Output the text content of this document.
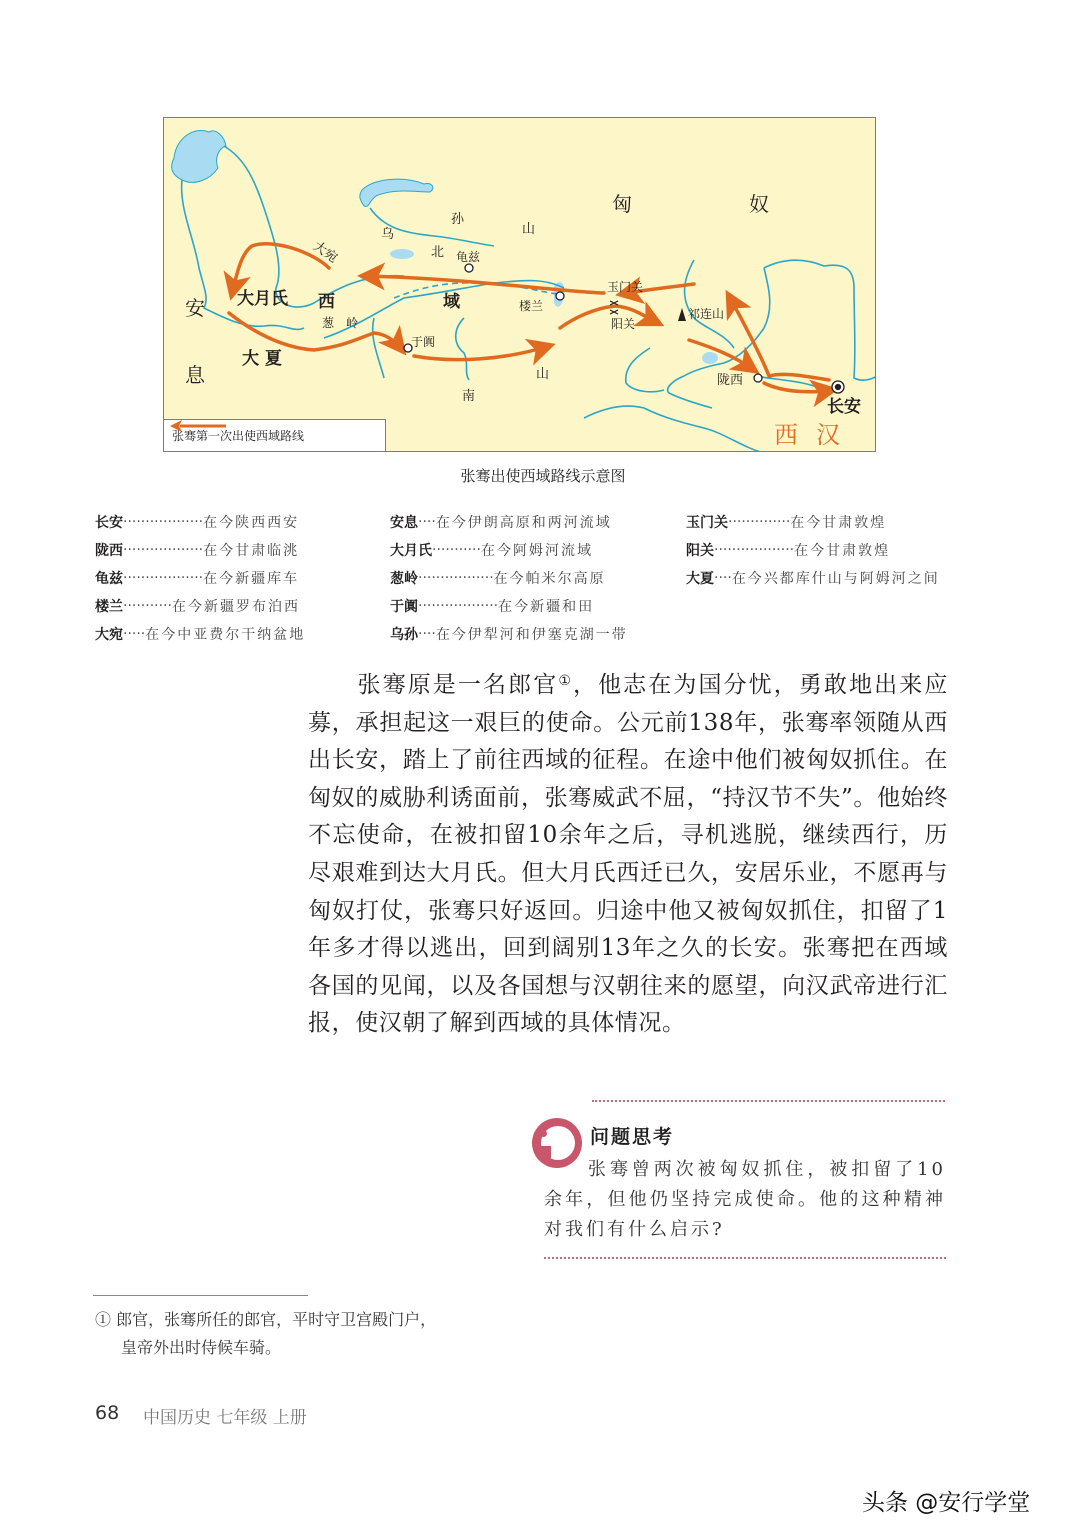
匈	奴
乌
孙
山
北 龟兹
大宛
安
息
大月氏 西	域
葱　岭
大 夏
于阗
楼兰
玉门关
阳关
祁连山
南
山	陇西
长安
西汉
张骞第一次出使西域路线
张骞出使西域路线示意图
长安 ·················· 在今陕西西安
陇西 ·················· 在今甘肃临洮
龟兹 ·················· 在今新疆库车
楼兰 ··········· 在今新疆罗布泊西
大宛 ····· 在今中亚费尔干纳盆地
安息 ···· 在今伊朗高原和两河流域
大月氏 ··········· 在今阿姆河流域
葱岭 ················· 在今帕米尔高原
于阗 ·················· 在今新疆和田
乌孙 ···· 在今伊犁河和伊塞克湖一带
玉门关 ·············· 在今甘肃敦煌
阳关 ·················· 在今甘肃敦煌
大夏 ···· 在今兴都库什山与阿姆河之间
张骞原是一名郎官①，他志在为国分忧，勇敢地出来应募，承担起这一艰巨的使命。公元前138年，张骞率领随从西出长安，踏上了前往西域的征程。在途中他们被匈奴抓住。在匈奴的威胁利诱面前，张骞威武不屈，“持汉节不失”。他始终不忘使命，在被扣留10余年之后，寻机逃脱，继续西行，历尽艰难到达大月氏。但大月氏西迁已久，安居乐业，不愿再与匈奴打仗，张骞只好返回。归途中他又被匈奴抓住，扣留了1年多才得以逃出，回到阔别13年之久的长安。张骞把在西域各国的见闻，以及各国想与汉朝往来的愿望，向汉武帝进行汇报，使汉朝了解到西域的具体情况。
问题思考
　　张骞曾两次被匈奴抓住，被扣留了10余年，但他仍坚持完成使命。他的这种精神对我们有什么启示?
① 郎官，张骞所任的郎官，平时守卫宫殿门户，
皇帝外出时侍候车骑。
68 中国历史 七年级 上册
头条 @安行学堂
